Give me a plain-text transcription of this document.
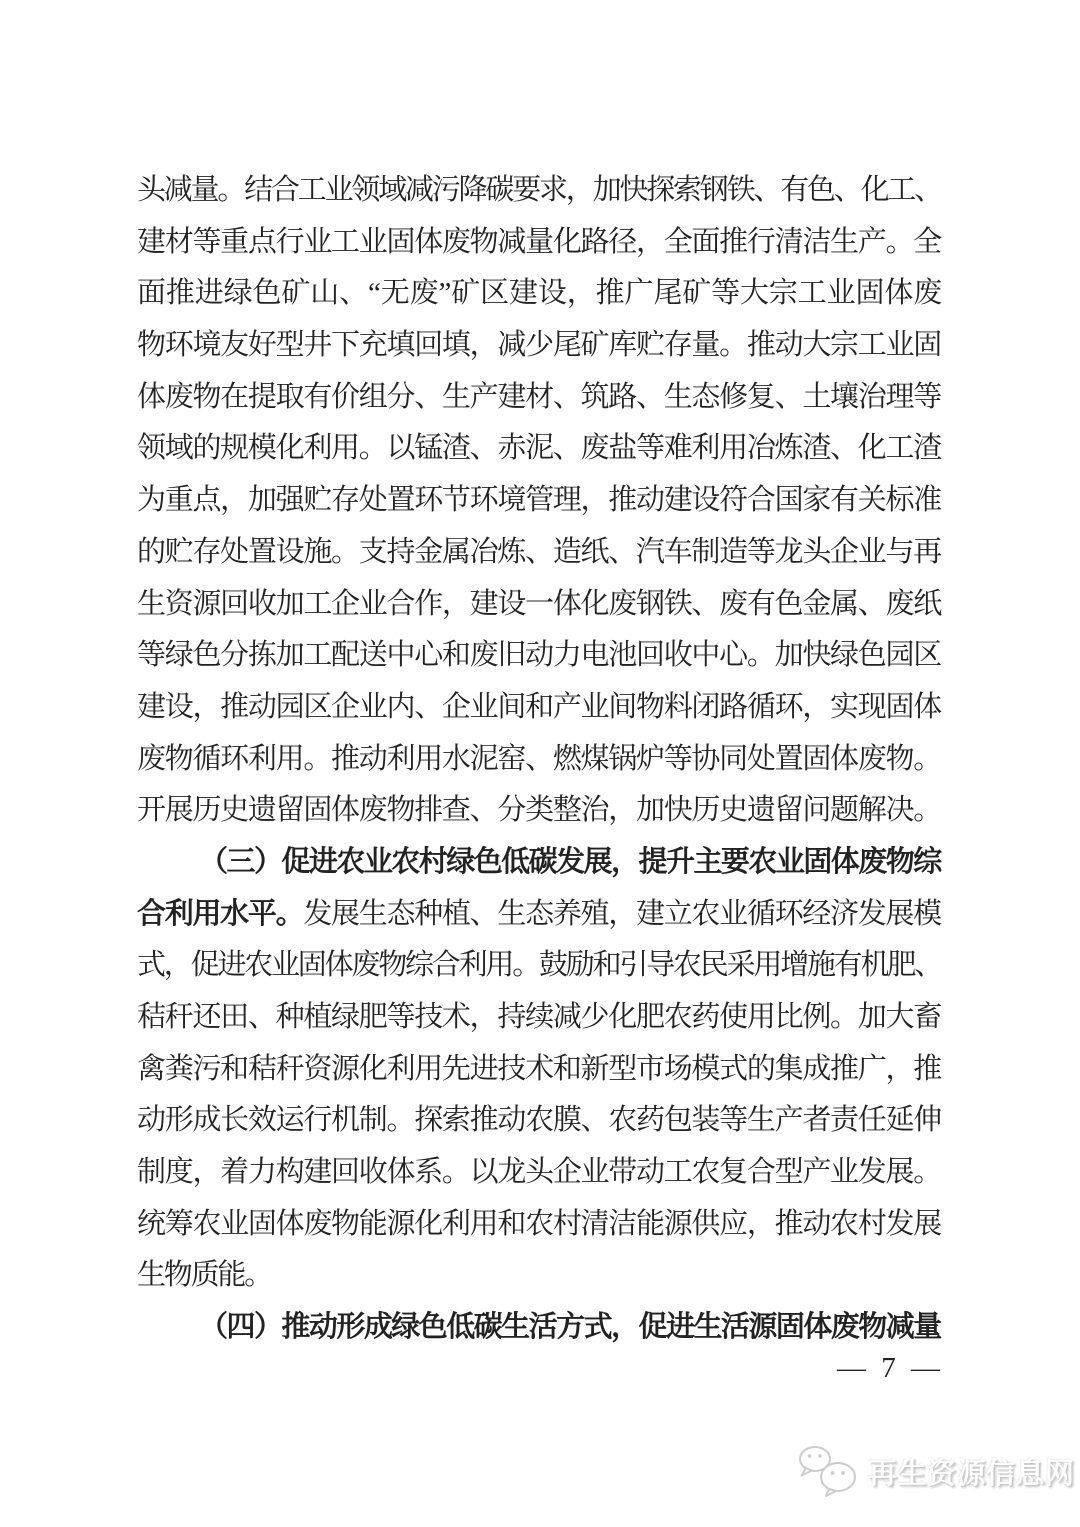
头减量。结合工业领域减污降碳要求，加快探索钢铁、有色、化工、
建材等重点行业工业固体废物减量化路径，全面推行清洁生产。全
面推进绿色矿山、“无废”矿区建设，推广尾矿等大宗工业固体废
物环境友好型井下充填回填，减少尾矿库贮存量。推动大宗工业固
体废物在提取有价组分、生产建材、筑路、生态修复、土壤治理等
领域的规模化利用。以锰渣、赤泥、废盐等难利用冶炼渣、化工渣
为重点，加强贮存处置环节环境管理，推动建设符合国家有关标准
的贮存处置设施。支持金属冶炼、造纸、汽车制造等龙头企业与再
生资源回收加工企业合作，建设一体化废钢铁、废有色金属、废纸
等绿色分拣加工配送中心和废旧动力电池回收中心。加快绿色园区
建设，推动园区企业内、企业间和产业间物料闭路循环，实现固体
废物循环利用。推动利用水泥窑、燃煤锅炉等协同处置固体废物。
开展历史遗留固体废物排查、分类整治，加快历史遗留问题解决。
（三）促进农业农村绿色低碳发展，提升主要农业固体废物综
合利用水平。发展生态种植、生态养殖，建立农业循环经济发展模
式，促进农业固体废物综合利用。鼓励和引导农民采用增施有机肥、
秸秆还田、种植绿肥等技术，持续减少化肥农药使用比例。加大畜
禽粪污和秸秆资源化利用先进技术和新型市场模式的集成推广，推
动形成长效运行机制。探索推动农膜、农药包装等生产者责任延伸
制度，着力构建回收体系。以龙头企业带动工农复合型产业发展。
统筹农业固体废物能源化利用和农村清洁能源供应，推动农村发展
生物质能。
（四）推动形成绿色低碳生活方式，促进生活源固体废物减量
— 7 —
再生资源信息网
